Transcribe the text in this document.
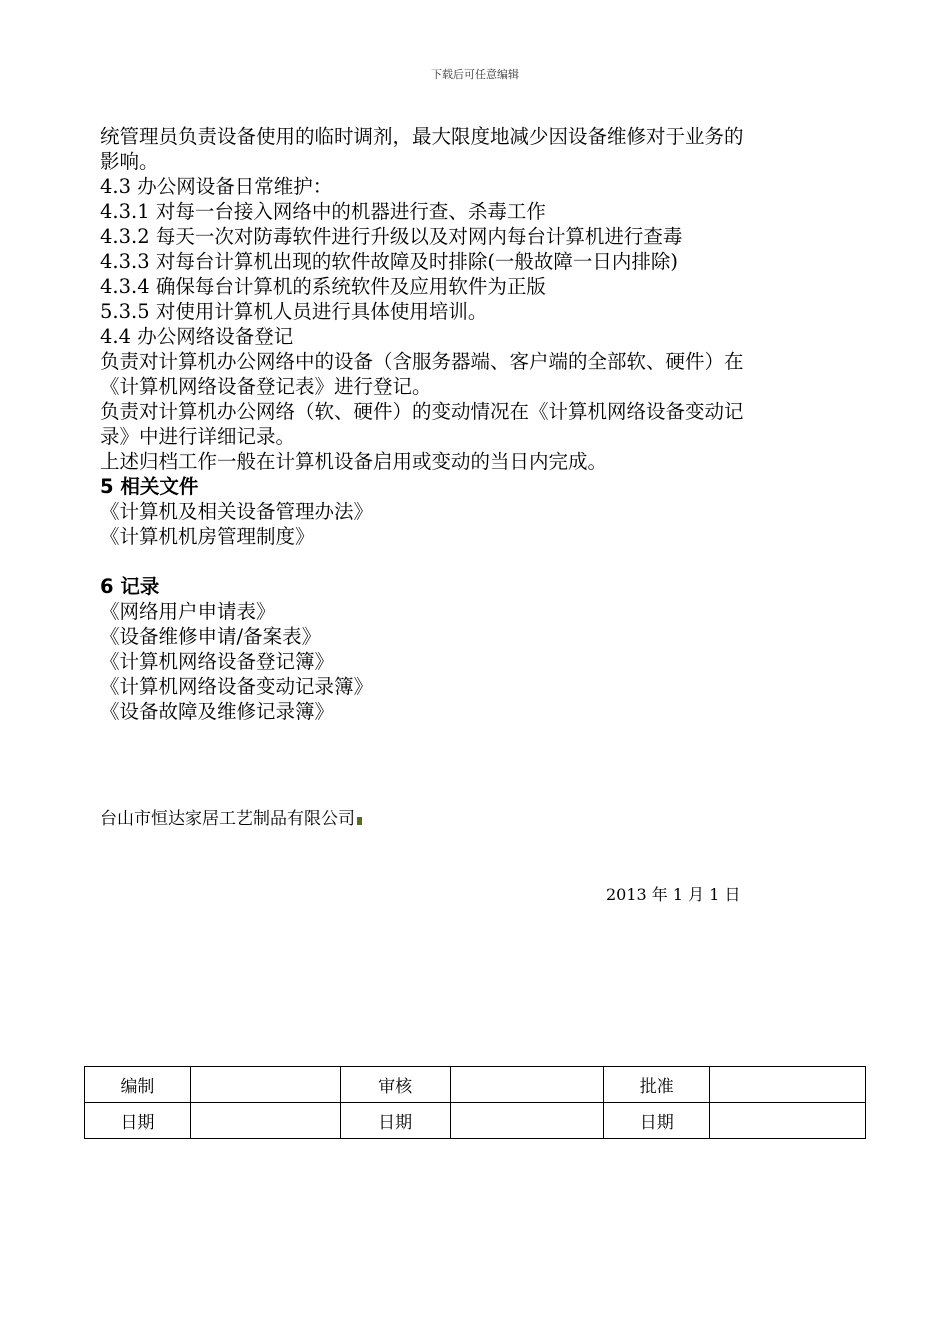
下载后可任意编辑
统管理员负责设备使用的临时调剂，最大限度地减少因设备维修对于业务的
影响。
4.3 办公网设备日常维护：
4.3.1 对每一台接入网络中的机器进行查、杀毒工作
4.3.2 每天一次对防毒软件进行升级以及对网内每台计算机进行查毒
4.3.3 对每台计算机出现的软件故障及时排除(一般故障一日内排除)
4.3.4 确保每台计算机的系统软件及应用软件为正版
5.3.5 对使用计算机人员进行具体使用培训。
4.4 办公网络设备登记
负责对计算机办公网络中的设备（含服务器端、客户端的全部软、硬件）在
《计算机网络设备登记表》进行登记。
负责对计算机办公网络（软、硬件）的变动情况在《计算机网络设备变动记
录》中进行详细记录。
上述归档工作一般在计算机设备启用或变动的当日内完成。
5 相关文件
《计算机及相关设备管理办法》
《计算机机房管理制度》
6 记录
《网络用户申请表》
《设备维修申请/备案表》
《计算机网络设备登记簿》
《计算机网络设备变动记录簿》
《设备故障及维修记录簿》
台山市恒达家居工艺制品有限公司
2013 年 1 月 1 日
编制		审核		批准	
日期		日期		日期	
